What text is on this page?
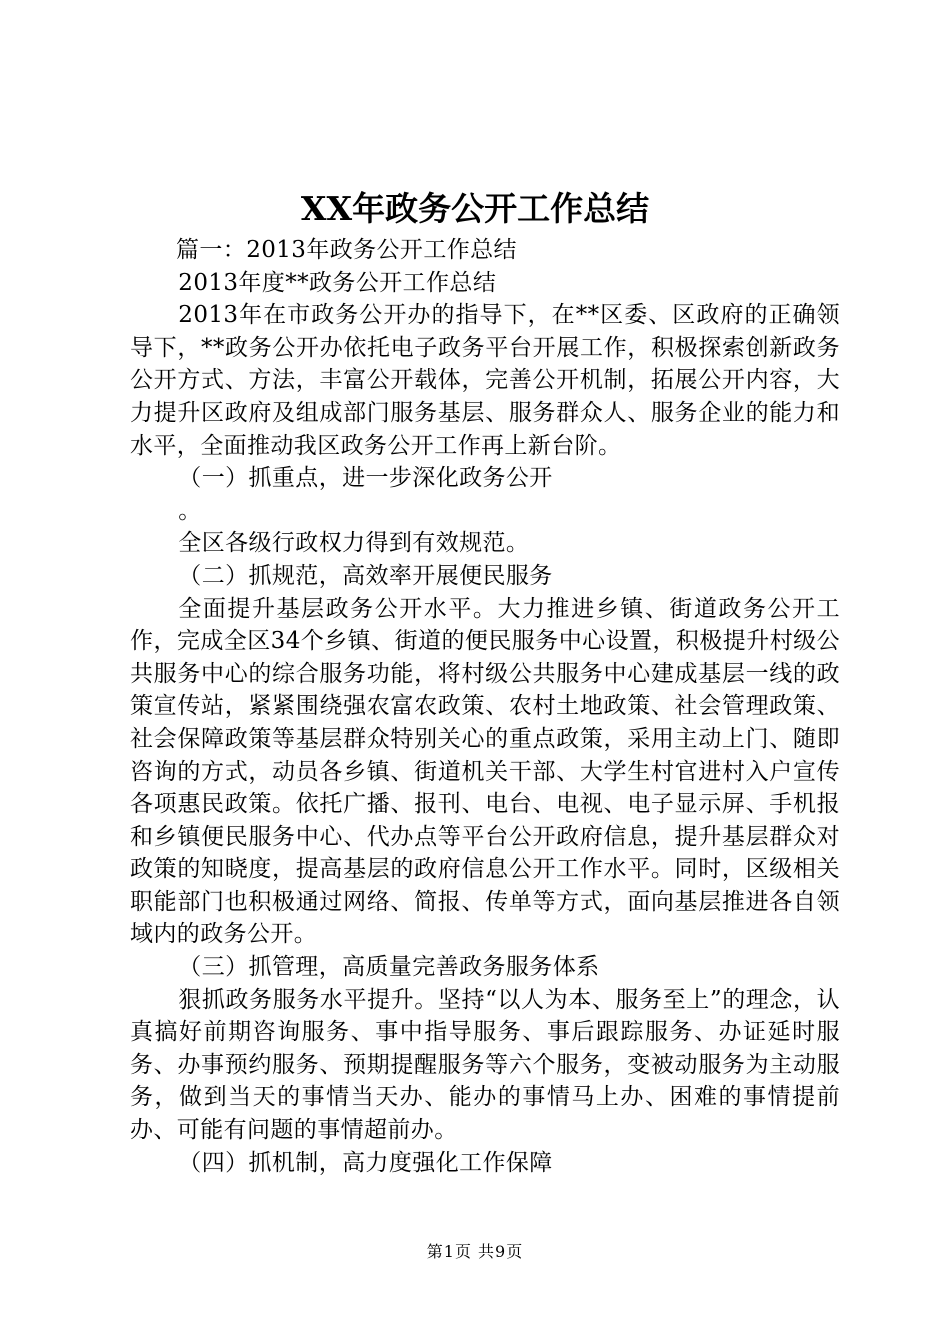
XX年政务公开工作总结

篇一：2013年政务公开工作总结

2013年度**政务公开工作总结

2013年在市政务公开办的指导下，在**区委、区政府的正确领导下，**政务公开办依托电子政务平台开展工作，积极探索创新政务公开方式、方法，丰富公开载体，完善公开机制，拓展公开内容，大力提升区政府及组成部门服务基层、服务群众人、服务企业的能力和水平，全面推动我区政务公开工作再上新台阶。

（一）抓重点，进一步深化政务公开

。

全区各级行政权力得到有效规范。

（二）抓规范，高效率开展便民服务

全面提升基层政务公开水平。大力推进乡镇、街道政务公开工作，完成全区34个乡镇、街道的便民服务中心设置，积极提升村级公共服务中心的综合服务功能，将村级公共服务中心建成基层一线的政策宣传站，紧紧围绕强农富农政策、农村土地政策、社会管理政策、社会保障政策等基层群众特别关心的重点政策，采用主动上门、随即咨询的方式，动员各乡镇、街道机关干部、大学生村官进村入户宣传各项惠民政策。依托广播、报刊、电台、电视、电子显示屏、手机报和乡镇便民服务中心、代办点等平台公开政府信息，提升基层群众对政策的知晓度，提高基层的政府信息公开工作水平。同时，区级相关职能部门也积极通过网络、简报、传单等方式，面向基层推进各自领域内的政务公开。

（三）抓管理，高质量完善政务服务体系

狠抓政务服务水平提升。坚持“以人为本、服务至上”的理念，认真搞好前期咨询服务、事中指导服务、事后跟踪服务、办证延时服务、办事预约服务、预期提醒服务等六个服务，变被动服务为主动服务，做到当天的事情当天办、能办的事情马上办、困难的事情提前办、可能有问题的事情超前办。

（四）抓机制，高力度强化工作保障

第1页 共9页
